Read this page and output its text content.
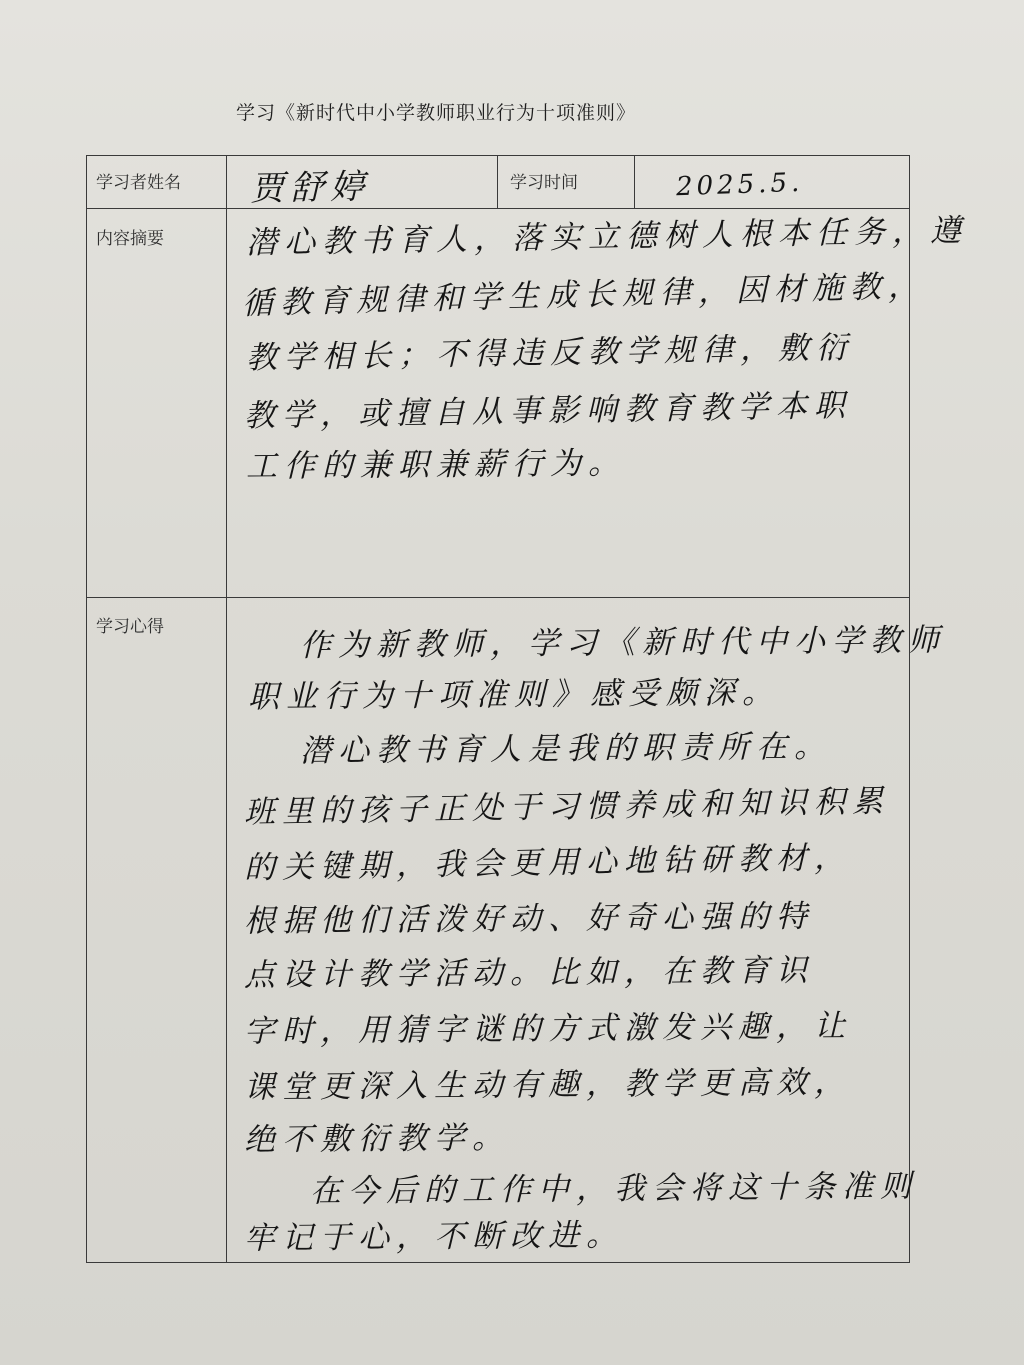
学习《新时代中小学教师职业行为十项准则》
学习者姓名 贾舒婷	学习时间	2025.5.
内容摘要	潜心教书育人，落实立德树人根本任务，遵
循教育规律和学生成长规律，因材施教，
教学相长；不得违反教学规律，敷衍
教学，或擅自从事影响教育教学本职
工作的兼职兼薪行为。
学习心得	作为新教师，学习《新时代中小学教师
职业行为十项准则》感受颇深。
潜心教书育人是我的职责所在。
班里的孩子正处于习惯养成和知识积累
的关键期，我会更用心地钻研教材，
根据他们活泼好动、好奇心强的特
点设计教学活动。比如，在教育识
字时，用猜字谜的方式激发兴趣，让
课堂更深入生动有趣，教学更高效，
绝不敷衍教学。
在今后的工作中，我会将这十条准则
牢记于心，不断改进。
